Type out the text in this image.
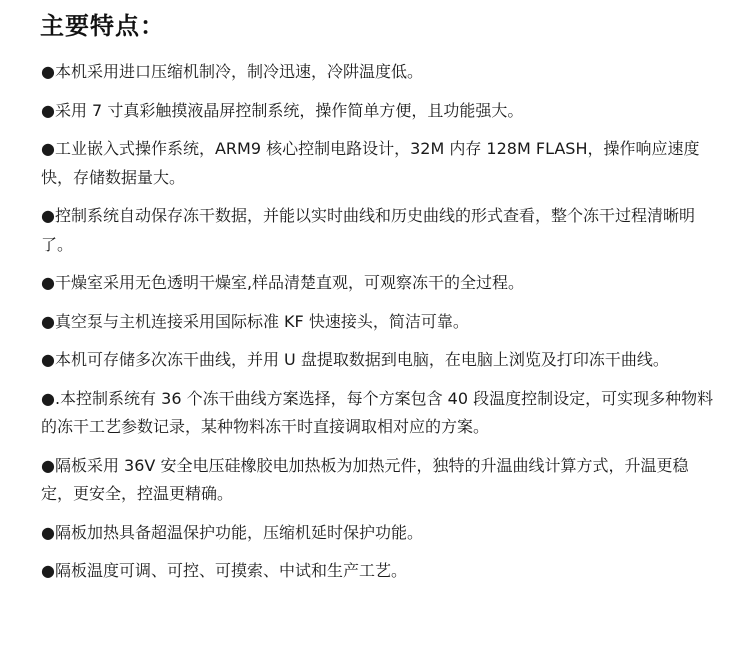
主要特点：
●本机采用进口压缩机制冷，制冷迅速，冷阱温度低。
●采用 7 寸真彩触摸液晶屏控制系统，操作简单方便，且功能强大。
●工业嵌入式操作系统，ARM9 核心控制电路设计，32M 内存 128M FLASH，操作响应速度快，存储数据量大。
●控制系统自动保存冻干数据，并能以实时曲线和历史曲线的形式查看，整个冻干过程清晰明了。
●干燥室采用无色透明干燥室,样品清楚直观，可观察冻干的全过程。
●真空泵与主机连接采用国际标准 KF 快速接头，简洁可靠。
●本机可存储多次冻干曲线，并用 U 盘提取数据到电脑，在电脑上浏览及打印冻干曲线。
●.本控制系统有 36 个冻干曲线方案选择，每个方案包含 40 段温度控制设定，可实现多种物料的冻干工艺参数记录，某种物料冻干时直接调取相对应的方案。
●隔板采用 36V 安全电压硅橡胶电加热板为加热元件，独特的升温曲线计算方式，升温更稳定，更安全，控温更精确。
●隔板加热具备超温保护功能，压缩机延时保护功能。
●隔板温度可调、可控、可摸索、中试和生产工艺。
